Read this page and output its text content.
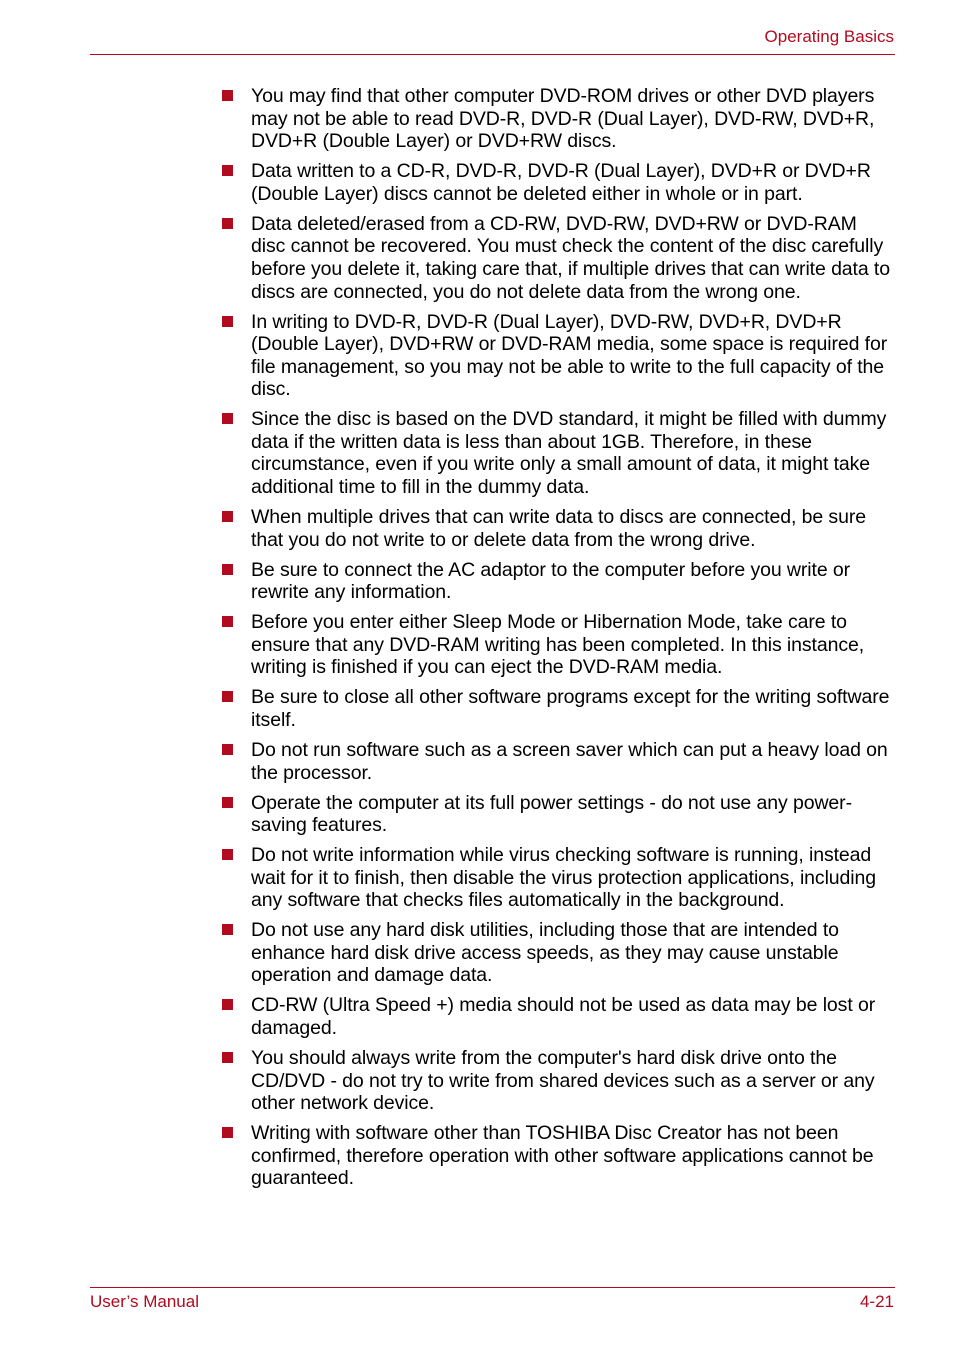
Operating Basics
You may find that other computer DVD-ROM drives or other DVD players may not be able to read DVD-R, DVD-R (Dual Layer), DVD-RW, DVD+R, DVD+R (Double Layer) or DVD+RW discs.
Data written to a CD-R, DVD-R, DVD-R (Dual Layer), DVD+R or DVD+R (Double Layer) discs cannot be deleted either in whole or in part.
Data deleted/erased from a CD-RW, DVD-RW, DVD+RW or DVD-RAM disc cannot be recovered. You must check the content of the disc carefully before you delete it, taking care that, if multiple drives that can write data to discs are connected, you do not delete data from the wrong one.
In writing to DVD-R, DVD-R (Dual Layer), DVD-RW, DVD+R, DVD+R (Double Layer), DVD+RW or DVD-RAM media, some space is required for file management, so you may not be able to write to the full capacity of the disc.
Since the disc is based on the DVD standard, it might be filled with dummy data if the written data is less than about 1GB. Therefore, in these circumstance, even if you write only a small amount of data, it might take additional time to fill in the dummy data.
When multiple drives that can write data to discs are connected, be sure that you do not write to or delete data from the wrong drive.
Be sure to connect the AC adaptor to the computer before you write or rewrite any information.
Before you enter either Sleep Mode or Hibernation Mode, take care to ensure that any DVD-RAM writing has been completed. In this instance, writing is finished if you can eject the DVD-RAM media.
Be sure to close all other software programs except for the writing software itself.
Do not run software such as a screen saver which can put a heavy load on the processor.
Operate the computer at its full power settings - do not use any power-saving features.
Do not write information while virus checking software is running, instead wait for it to finish, then disable the virus protection applications, including any software that checks files automatically in the background.
Do not use any hard disk utilities, including those that are intended to enhance hard disk drive access speeds, as they may cause unstable operation and damage data.
CD-RW (Ultra Speed +) media should not be used as data may be lost or damaged.
You should always write from the computer's hard disk drive onto the CD/DVD - do not try to write from shared devices such as a server or any other network device.
Writing with software other than TOSHIBA Disc Creator has not been confirmed, therefore operation with other software applications cannot be guaranteed.
User’s Manual	4-21
